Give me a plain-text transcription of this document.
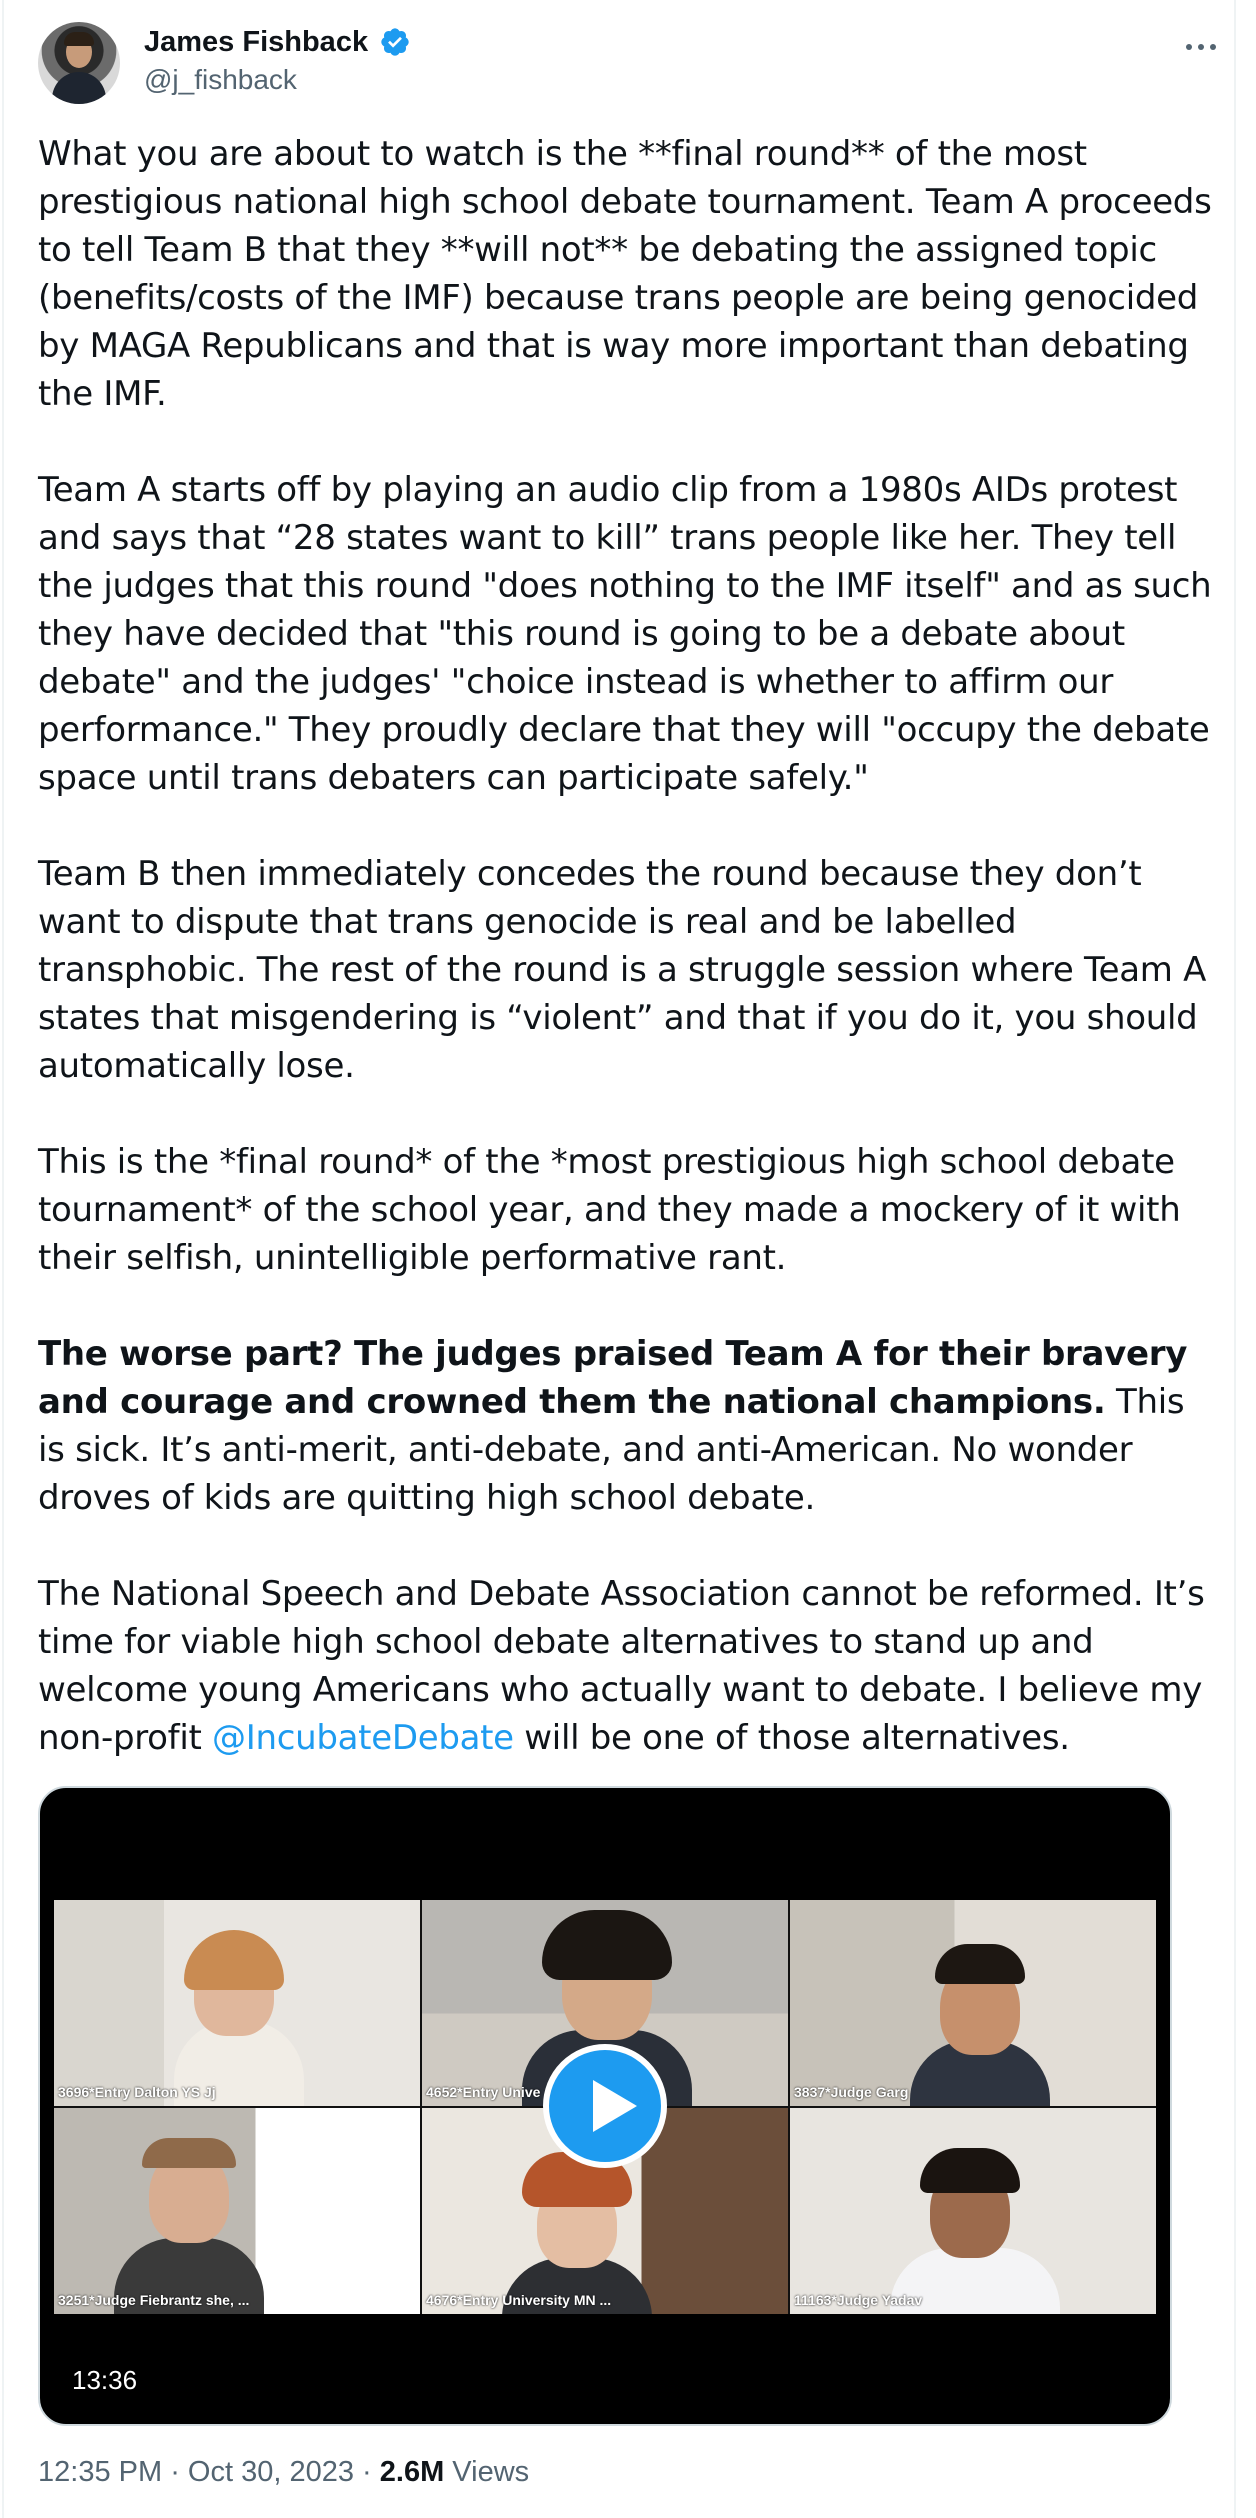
James Fishback
@j_fishback

What you are about to watch is the **final round** of the most prestigious national high school debate tournament. Team A proceeds to tell Team B that they **will not** be debating the assigned topic (benefits/costs of the IMF) because trans people are being genocided by MAGA Republicans and that is way more important than debating the IMF.

Team A starts off by playing an audio clip from a 1980s AIDs protest and says that “28 states want to kill” trans people like her. They tell the judges that this round "does nothing to the IMF itself" and as such they have decided that "this round is going to be a debate about debate" and the judges' "choice instead is whether to affirm our performance." They proudly declare that they will "occupy the debate space until trans debaters can participate safely."

Team B then immediately concedes the round because they don’t want to dispute that trans genocide is real and be labelled transphobic. The rest of the round is a struggle session where Team A states that misgendering is “violent” and that if you do it, you should automatically lose.

This is the *final round* of the *most prestigious high school debate tournament* of the school year, and they made a mockery of it with their selfish, unintelligible performative rant.

The worse part? The judges praised Team A for their bravery and courage and crowned them the national champions. This is sick. It’s anti-merit, anti-debate, and anti-American. No wonder droves of kids are quitting high school debate.

The National Speech and Debate Association cannot be reformed. It’s time for viable high school debate alternatives to stand up and welcome young Americans who actually want to debate. I believe my non-profit @IncubateDebate will be one of those alternatives.

3696*Entry Dalton YS Jj	4652*Entry Unive	3837*Judge Garg
3251*Judge Fiebrantz she, ...	4676*Entry University MN ...	11163*Judge Yadav
13:36
12:35 PM · Oct 30, 2023 · 2.6M Views
